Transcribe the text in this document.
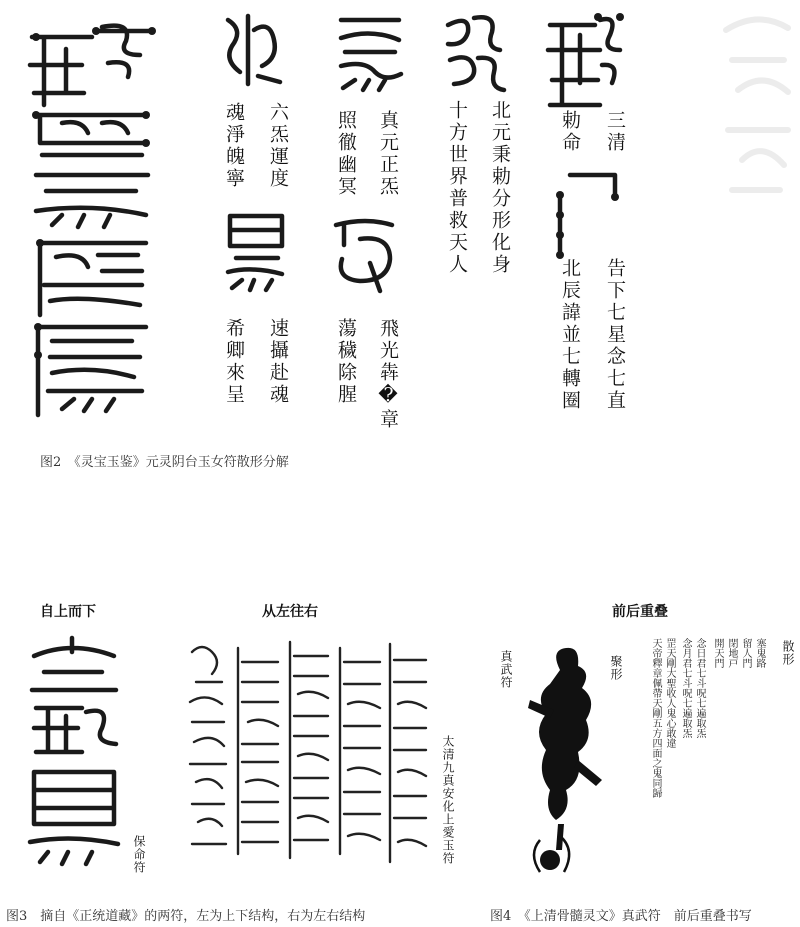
三清
勅命
告下七星念七直
北辰諱並七轉圈
北元秉勅分形化身
十方世界普救天人
真元正炁
照徹幽冥
飛光犇�章
蕩穢除腥
六炁運度
魂淨魄寧
速攝赴魂
希卿來呈
图2　《灵宝玉鉴》元灵阴台玉女符散形分解
自上而下	从左往右
保命符	太清九真安化上愛玉符
图3　摘自《正统道藏》的两符，左为上下结构，右为左右结构
前后重叠
真武符	聚形
散形
塞鬼路
留人門
閉地戸
開天門
念日君七斗呪七遍取炁
念月君七斗呪七遍取炁
罡天剛大聖收人鬼心敢違
天帝釋章佩帶天剛五方四面之鬼同歸
图4　《上清骨髓灵文》真武符　前后重叠书写
